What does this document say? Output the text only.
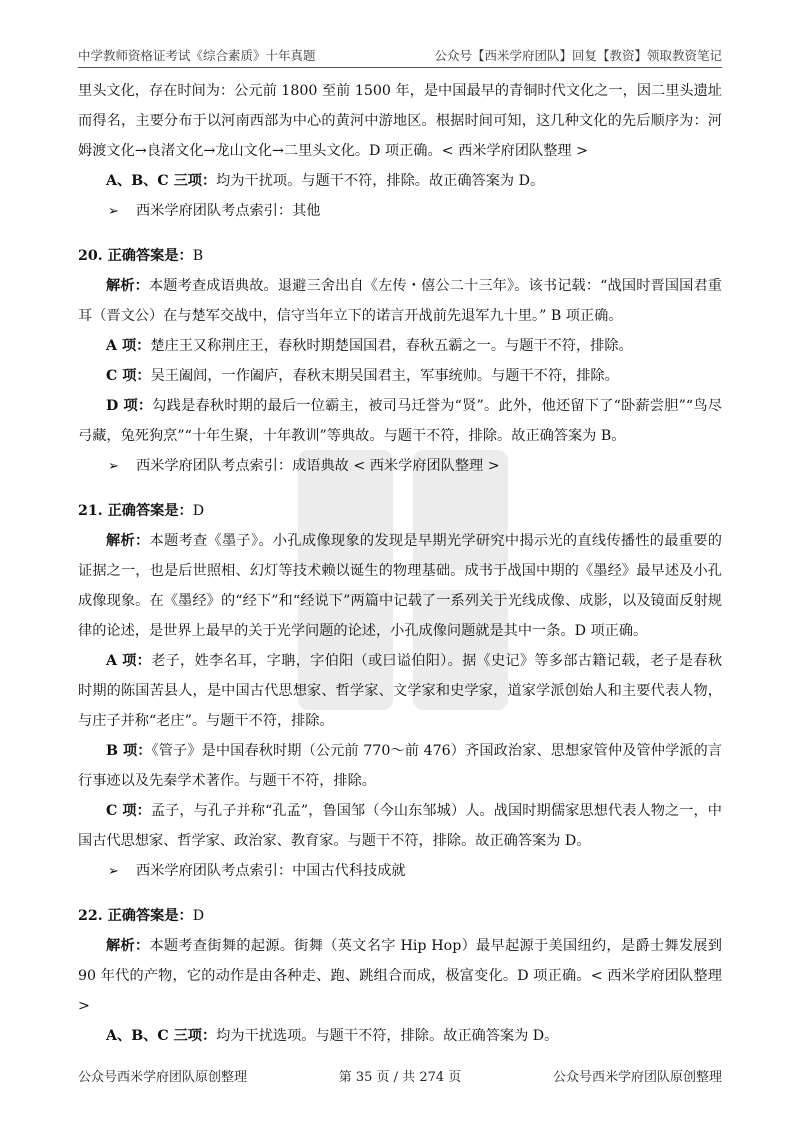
中学教师资格证考试《综合素质》十年真题	公众号【西米学府团队】回复【教资】领取教资笔记

里头文化，存在时间为：公元前 1800 至前 1500 年，是中国最早的青铜时代文化之一，因二里头遗址而得名，主要分布于以河南西部为中心的黄河中游地区。根据时间可知，这几种文化的先后顺序为：河姆渡文化→良渚文化→龙山文化→二里头文化。D 项正确。< 西米学府团队整理 >

A、B、C 三项：均为干扰项。与题干不符，排除。故正确答案为 D。

➢ 西米学府团队考点索引：其他

20. 正确答案是：B

解析：本题考查成语典故。退避三舍出自《左传・僖公二十三年》。该书记载：“战国时晋国国君重耳（晋文公）在与楚军交战中，信守当年立下的诺言开战前先退军九十里。” B 项正确。

A 项：楚庄王又称荆庄王，春秋时期楚国国君，春秋五霸之一。与题干不符，排除。

C 项：吴王阖闾，一作阖庐，春秋末期吴国君主，军事统帅。与题干不符，排除。

D 项：勾践是春秋时期的最后一位霸主，被司马迁誉为“贤”。此外，他还留下了“卧薪尝胆”“鸟尽弓藏，兔死狗烹”“十年生聚，十年教训”等典故。与题干不符，排除。故正确答案为 B。

➢ 西米学府团队考点索引：成语典故 < 西米学府团队整理 >

21. 正确答案是：D

解析：本题考查《墨子》。小孔成像现象的发现是早期光学研究中揭示光的直线传播性的最重要的证据之一，也是后世照相、幻灯等技术赖以诞生的物理基础。成书于战国中期的《墨经》最早述及小孔成像现象。在《墨经》的“经下”和“经说下”两篇中记载了一系列关于光线成像、成影，以及镜面反射规律的论述，是世界上最早的关于光学问题的论述，小孔成像问题就是其中一条。D 项正确。

A 项：老子，姓李名耳，字聃，字伯阳（或曰谥伯阳）。据《史记》等多部古籍记载，老子是春秋时期的陈国苦县人，是中国古代思想家、哲学家、文学家和史学家，道家学派创始人和主要代表人物，与庄子并称“老庄”。与题干不符，排除。

B 项：《管子》是中国春秋时期（公元前 770～前 476）齐国政治家、思想家管仲及管仲学派的言行事迹以及先秦学术著作。与题干不符，排除。

C 项：孟子，与孔子并称“孔孟”，鲁国邹（今山东邹城）人。战国时期儒家思想代表人物之一，中国古代思想家、哲学家、政治家、教育家。与题干不符，排除。故正确答案为 D。

➢ 西米学府团队考点索引：中国古代科技成就

22. 正确答案是：D

解析：本题考查街舞的起源。街舞（英文名字 Hip Hop）最早起源于美国纽约，是爵士舞发展到 90 年代的产物，它的动作是由各种走、跑、跳组合而成，极富变化。D 项正确。< 西米学府团队整理 >

A、B、C 三项：均为干扰选项。与题干不符，排除。故正确答案为 D。

公众号西米学府团队原创整理	第 35 页 / 共 274 页	公众号西米学府团队原创整理
